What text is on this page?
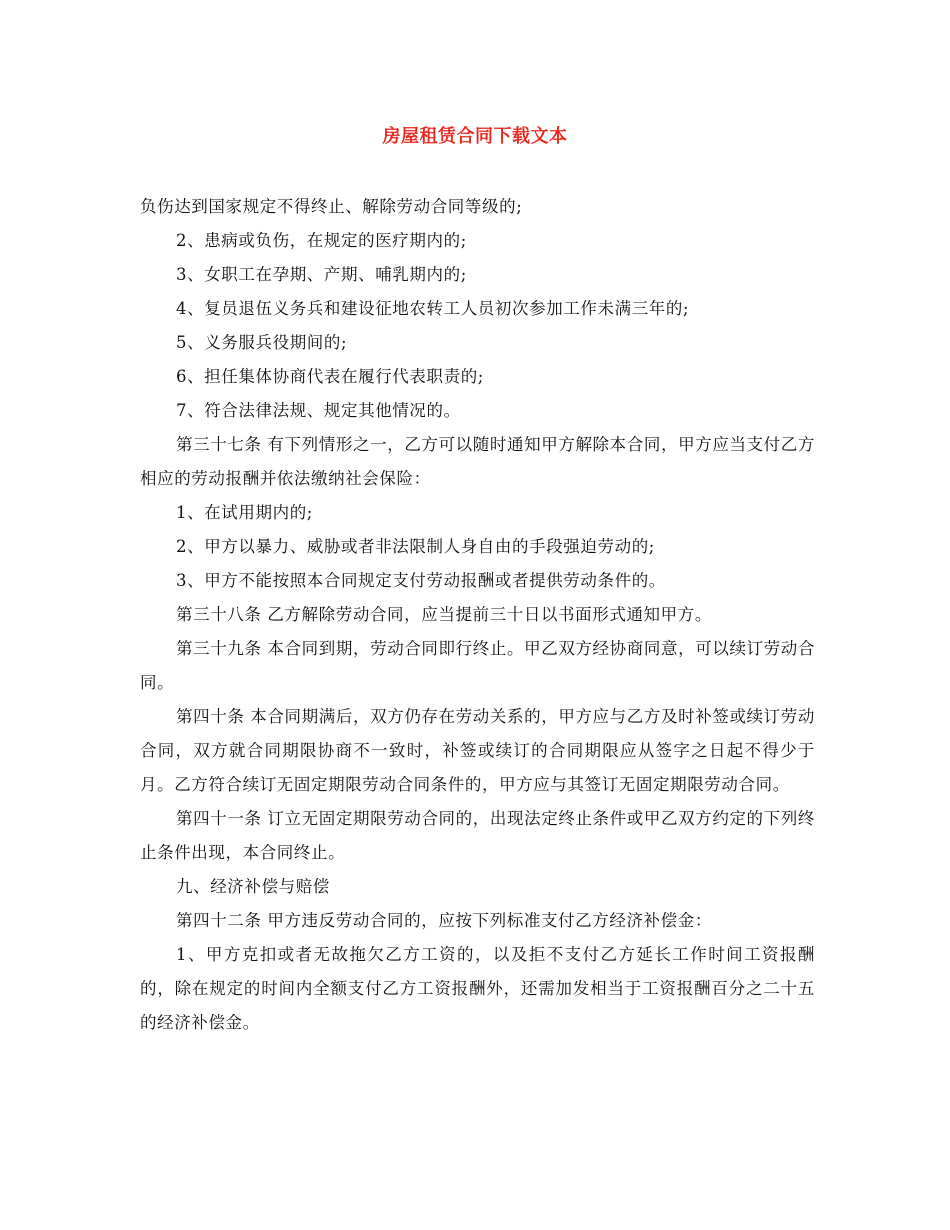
房屋租赁合同下载文本

负伤达到国家规定不得终止、解除劳动合同等级的;

2、患病或负伤，在规定的医疗期内的;

3、女职工在孕期、产期、哺乳期内的;

4、复员退伍义务兵和建设征地农转工人员初次参加工作未满三年的;

5、义务服兵役期间的;

6、担任集体协商代表在履行代表职责的;

7、符合法律法规、规定其他情况的。

第三十七条 有下列情形之一，乙方可以随时通知甲方解除本合同，甲方应当支付乙方相应的劳动报酬并依法缴纳社会保险：

1、在试用期内的;

2、甲方以暴力、威胁或者非法限制人身自由的手段强迫劳动的;

3、甲方不能按照本合同规定支付劳动报酬或者提供劳动条件的。

第三十八条 乙方解除劳动合同，应当提前三十日以书面形式通知甲方。

第三十九条 本合同到期，劳动合同即行终止。甲乙双方经协商同意，可以续订劳动合同。

第四十条 本合同期满后，双方仍存在劳动关系的，甲方应与乙方及时补签或续订劳动合同，双方就合同期限协商不一致时，补签或续订的合同期限应从签字之日起不得少于 月。乙方符合续订无固定期限劳动合同条件的，甲方应与其签订无固定期限劳动合同。

第四十一条 订立无固定期限劳动合同的，出现法定终止条件或甲乙双方约定的下列终止条件出现，本合同终止。

九、经济补偿与赔偿

第四十二条 甲方违反劳动合同的，应按下列标准支付乙方经济补偿金：

1、甲方克扣或者无故拖欠乙方工资的，以及拒不支付乙方延长工作时间工资报酬的，除在规定的时间内全额支付乙方工资报酬外，还需加发相当于工资报酬百分之二十五的经济补偿金。
